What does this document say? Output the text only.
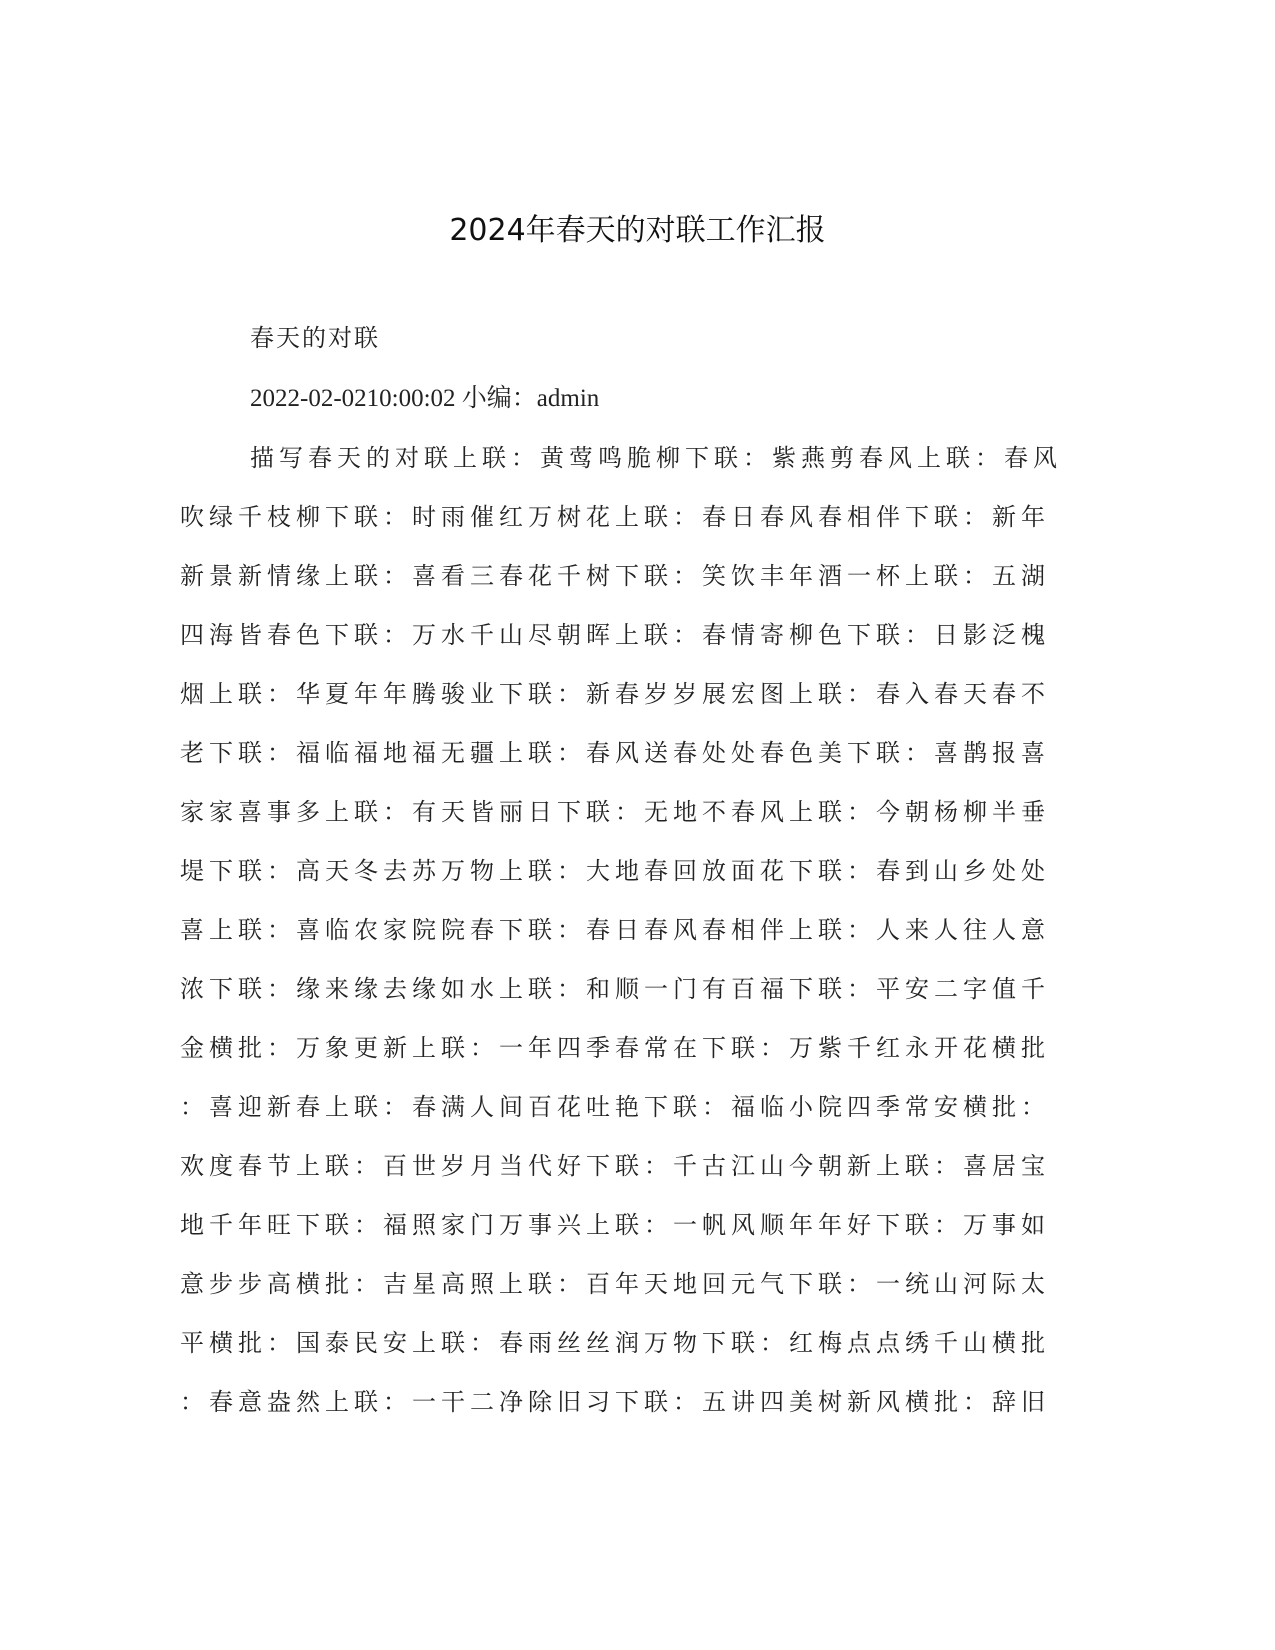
2024年春天的对联工作汇报
春天的对联
2022-02-0210:00:02 小编：admin
描写春天的对联上联：黄莺鸣脆柳下联：紫燕剪春风上联：春风
吹绿千枝柳下联：时雨催红万树花上联：春日春风春相伴下联：新年
新景新情缘上联：喜看三春花千树下联：笑饮丰年酒一杯上联：五湖
四海皆春色下联：万水千山尽朝晖上联：春情寄柳色下联：日影泛槐
烟上联：华夏年年腾骏业下联：新春岁岁展宏图上联：春入春天春不
老下联：福临福地福无疆上联：春风送春处处春色美下联：喜鹊报喜
家家喜事多上联：有天皆丽日下联：无地不春风上联：今朝杨柳半垂
堤下联：高天冬去苏万物上联：大地春回放面花下联：春到山乡处处
喜上联：喜临农家院院春下联：春日春风春相伴上联：人来人往人意
浓下联：缘来缘去缘如水上联：和顺一门有百福下联：平安二字值千
金横批：万象更新上联：一年四季春常在下联：万紫千红永开花横批
：喜迎新春上联：春满人间百花吐艳下联：福临小院四季常安横批：
欢度春节上联：百世岁月当代好下联：千古江山今朝新上联：喜居宝
地千年旺下联：福照家门万事兴上联：一帆风顺年年好下联：万事如
意步步高横批：吉星高照上联：百年天地回元气下联：一统山河际太
平横批：国泰民安上联：春雨丝丝润万物下联：红梅点点绣千山横批
：春意盎然上联：一干二净除旧习下联：五讲四美树新风横批：辞旧
